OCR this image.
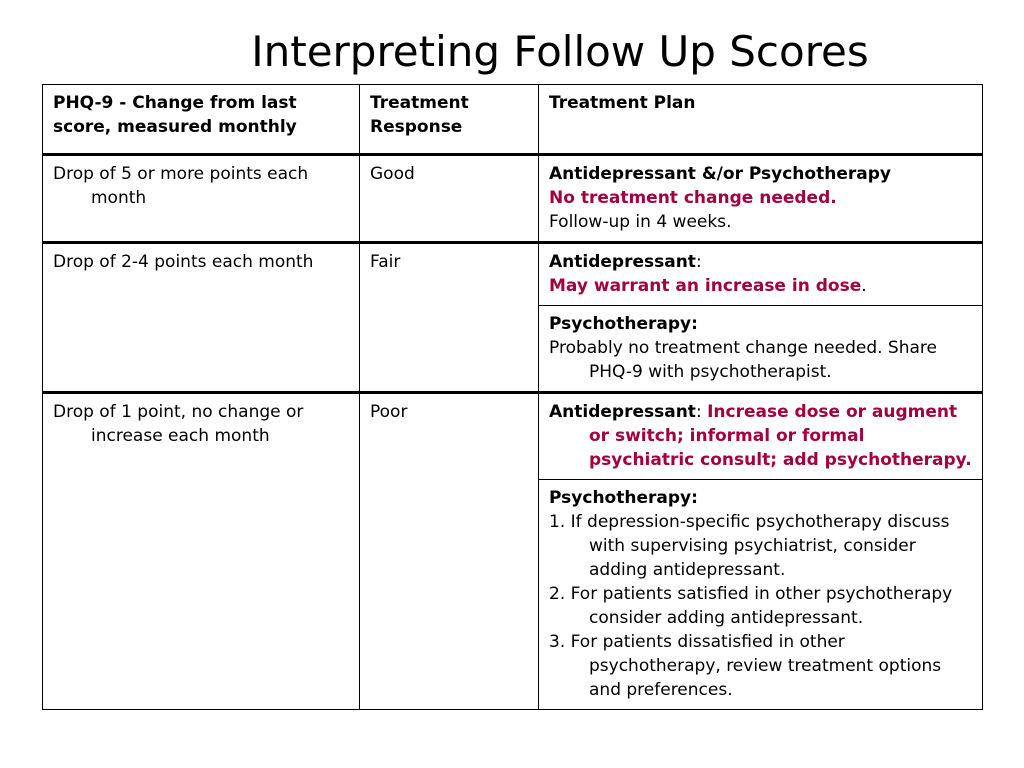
Interpreting Follow Up Scores
PHQ-9 - Change from last score, measured monthly	Treatment Response	Treatment Plan

Drop of 5 or more points each month	Good	Antidepressant &/or Psychotherapy
No treatment change needed.
Follow-up in 4 weeks.

Drop of 2-4 points each month	Fair	Antidepressant:
May warrant an increase in dose.

		Psychotherapy:
Probably no treatment change needed. Share PHQ-9 with psychotherapist.

Drop of 1 point, no change or increase each month	Poor	Antidepressant: Increase dose or augment or switch; informal or formal psychiatric consult; add psychotherapy.

		Psychotherapy:
1. If depression-specific psychotherapy discuss with supervising psychiatrist, consider adding antidepressant.
2. For patients satisfied in other psychotherapy consider adding antidepressant.
3. For patients dissatisfied in other psychotherapy, review treatment options and preferences.
